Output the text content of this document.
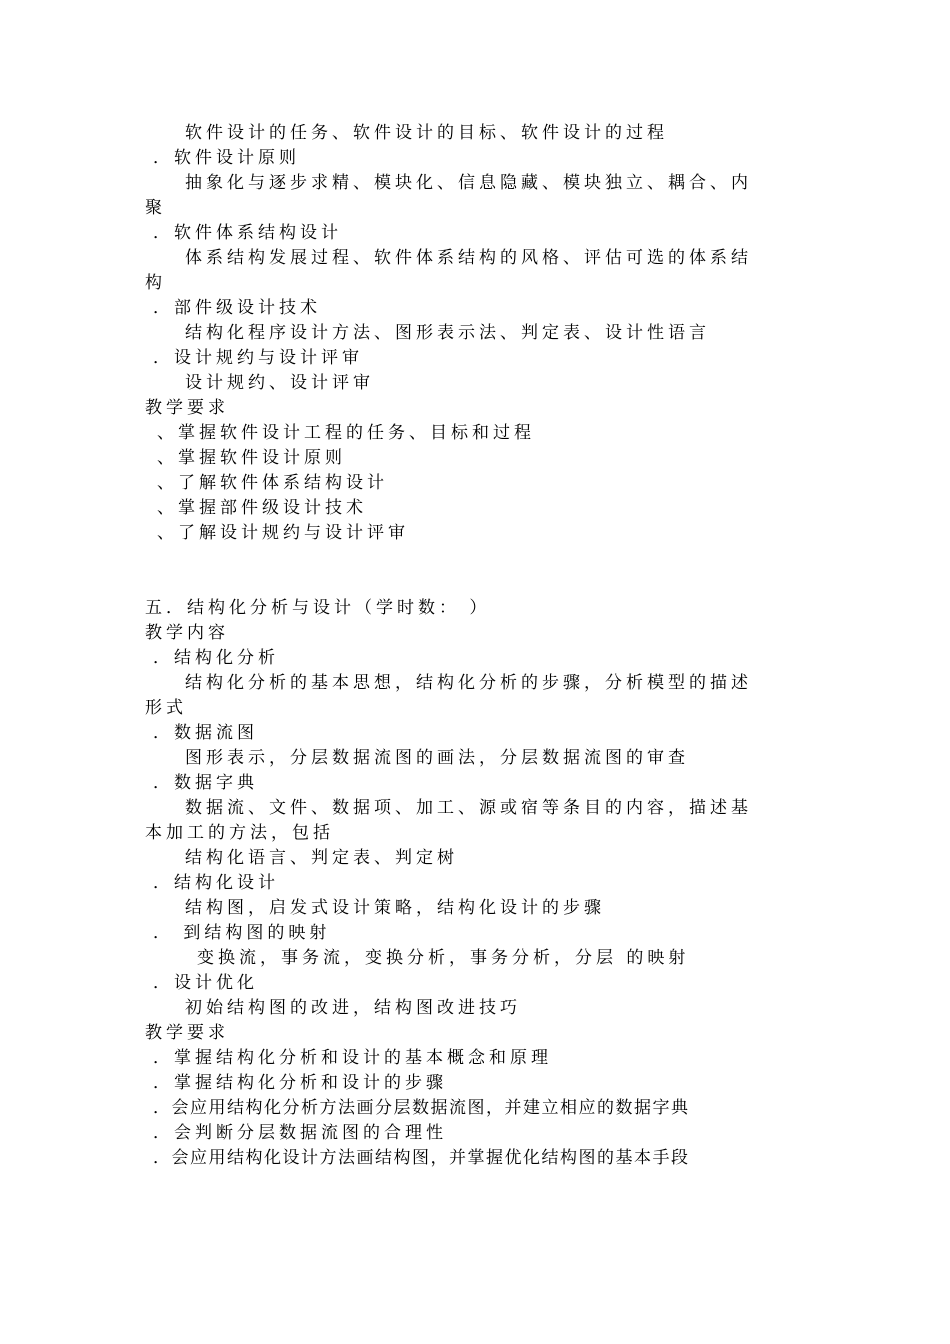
软件设计的任务、软件设计的目标、软件设计的过程
．软件设计原则
抽象化与逐步求精、模块化、信息隐藏、模块独立、耦合、内
聚
．软件体系结构设计
体系结构发展过程、软件体系结构的风格、评估可选的体系结
构
．部件级设计技术
结构化程序设计方法、图形表示法、判定表、设计性语言
．设计规约与设计评审
设计规约、设计评审
教学要求
、掌握软件设计工程的任务、目标和过程
、掌握软件设计原则
、了解软件体系结构设计
、掌握部件级设计技术
、了解设计规约与设计评审
五．结构化分析与设计（学时数： ）
教学内容
．结构化分析
结构化分析的基本思想，结构化分析的步骤，分析模型的描述
形式
．数据流图
图形表示，分层数据流图的画法，分层数据流图的审查
．数据字典
数据流、文件、数据项、加工、源或宿等条目的内容，描述基
本加工的方法，包括
结构化语言、判定表、判定树
．结构化设计
结构图，启发式设计策略，结构化设计的步骤
． 到结构图的映射
变换流，事务流，变换分析，事务分析，分层 的映射
．设计优化
初始结构图的改进，结构图改进技巧
教学要求
．掌握结构化分析和设计的基本概念和原理
．掌握结构化分析和设计的步骤
．会应用结构化分析方法画分层数据流图，并建立相应的数据字典
．会判断分层数据流图的合理性
．会应用结构化设计方法画结构图，并掌握优化结构图的基本手段
